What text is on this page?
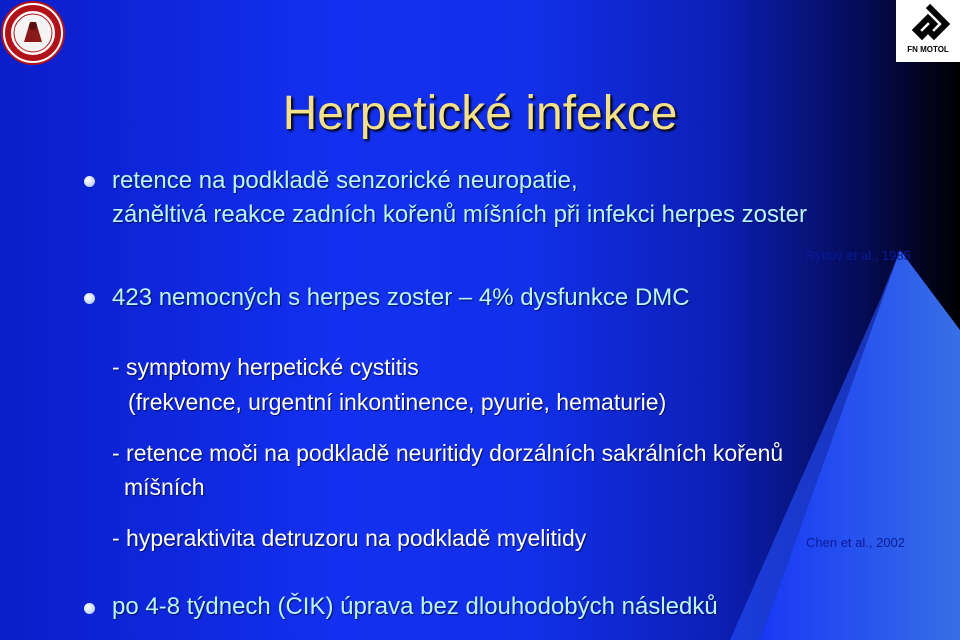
FN MOTOL
Herpetické infekce
retence na podkladě senzorické neuropatie,
záněltivá reakce zadních kořenů míšních při infekci herpes zoster
Ryttov et al., 1985
423 nemocných s herpes zoster – 4% dysfunkce DMC
- symptomy herpetické cystitis
(frekvence, urgentní inkontinence, pyurie, hematurie)
- retence moči na podkladě neuritidy dorzálních sakrálních kořenů
míšních
- hyperaktivita detruzoru na podkladě myelitidy	Chen et al., 2002
po 4-8 týdnech (ČIK) úprava bez dlouhodobých následků
